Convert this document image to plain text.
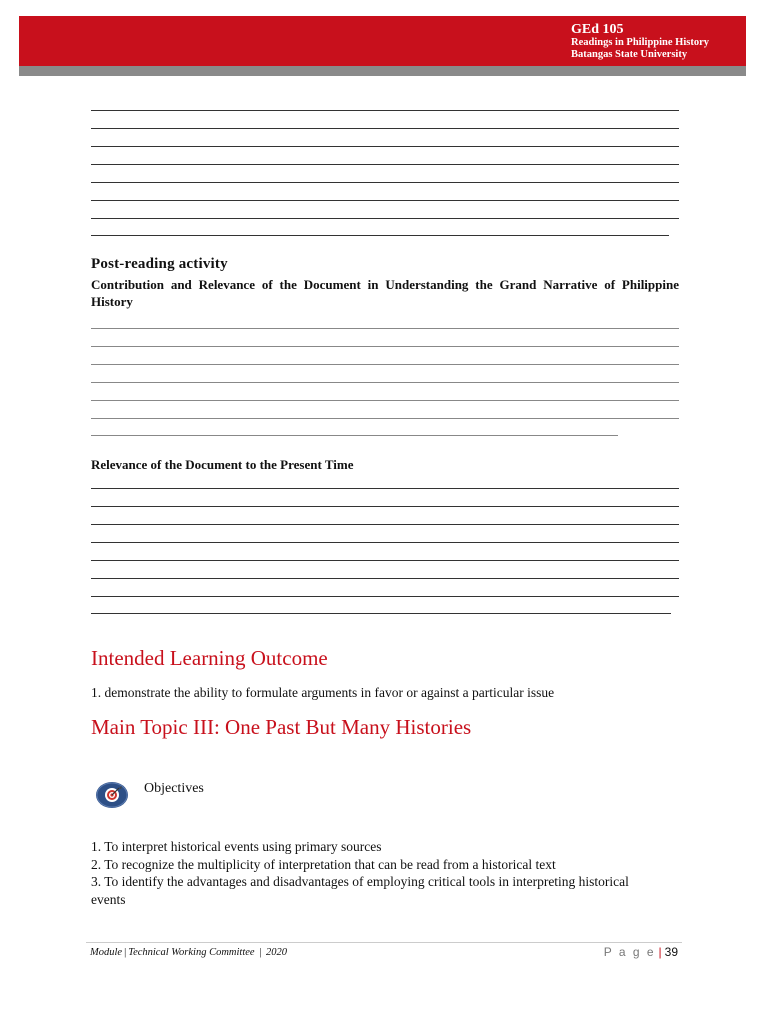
GEd 105
Readings in Philippine History
Batangas State University
Post-reading activity
Contribution and Relevance of the Document in Understanding the Grand Narrative of Philippine History
Relevance of the Document to the Present Time
Intended Learning Outcome
1. demonstrate the ability to formulate arguments in favor or against a particular issue
Main Topic III: One Past But Many Histories
Objectives
1. To interpret historical events using primary sources
2. To recognize the multiplicity of interpretation that can be read from a historical text
3. To identify the advantages and disadvantages of employing critical tools in interpreting historical events
Module | Technical Working Committee | 2020	P a g e | 39
